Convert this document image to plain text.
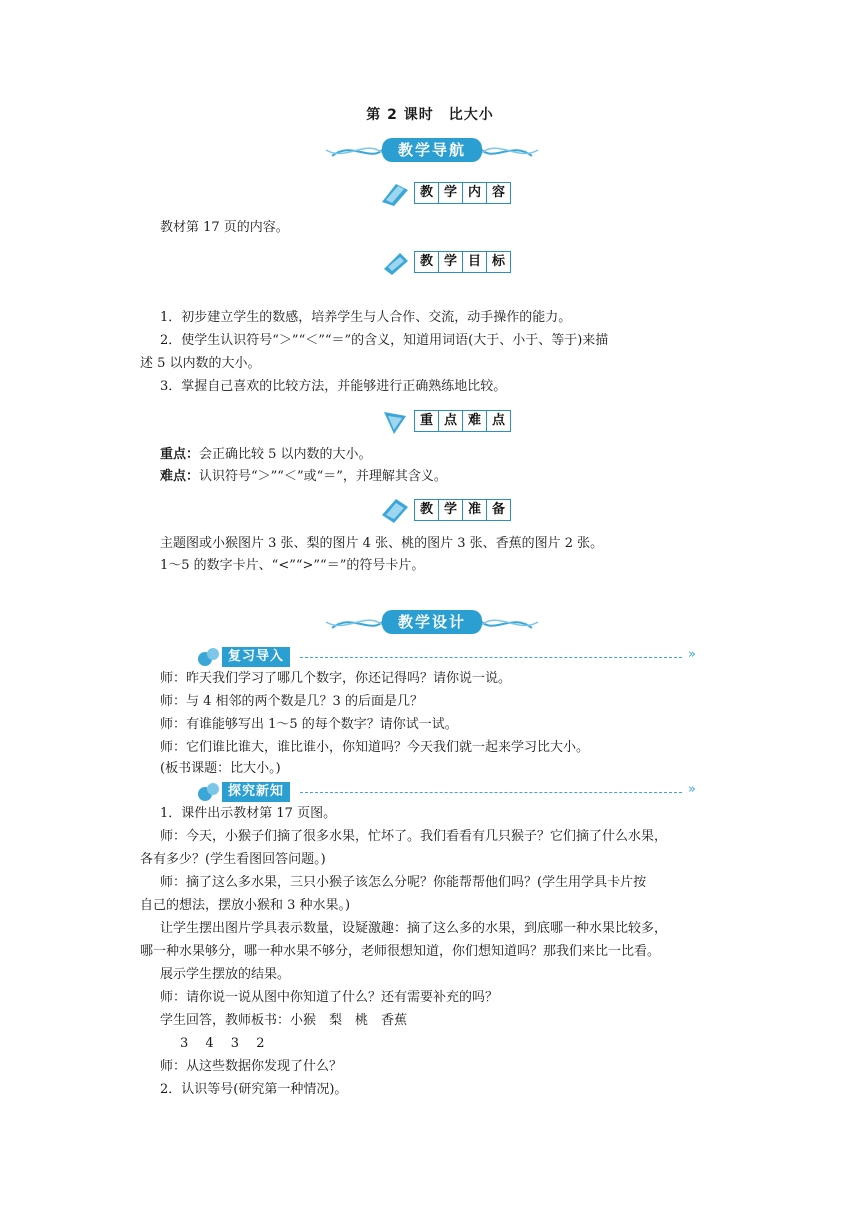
第 2 课时　比大小
教学导航
教 学 内 容

教材第 17 页的内容。

教 学 目 标

1．初步建立学生的数感，培养学生与人合作、交流，动手操作的能力。

2．使学生认识符号“＞”“＜”“＝”的含义，知道用词语(大于、小于、等于)来描

述 5 以内数的大小。

3．掌握自己喜欢的比较方法，并能够进行正确熟练地比较。

重 点 难 点

重点：会正确比较 5 以内数的大小。

难点：认识符号“＞”“＜”或“＝”，并理解其含义。

教 学 准 备

主题图或小猴图片 3 张、梨的图片 4 张、桃的图片 3 张、香蕉的图片 2 张。

1～5 的数字卡片、“<”“>”“＝”的符号卡片。

教学设计
复习导入	»

师：昨天我们学习了哪几个数字，你还记得吗？请你说一说。

师：与 4 相邻的两个数是几？3 的后面是几？

师：有谁能够写出 1～5 的每个数字？请你试一试。

师：它们谁比谁大，谁比谁小，你知道吗？今天我们就一起来学习比大小。

(板书课题：比大小。)

探究新知	»

1．课件出示教材第 17 页图。

师：今天，小猴子们摘了很多水果，忙坏了。我们看看有几只猴子？它们摘了什么水果，

各有多少？(学生看图回答问题。)

师：摘了这么多水果，三只小猴子该怎么分呢？你能帮帮他们吗？(学生用学具卡片按

自己的想法，摆放小猴和 3 种水果。)

让学生摆出图片学具表示数量，设疑激趣：摘了这么多的水果，到底哪一种水果比较多，

哪一种水果够分，哪一种水果不够分，老师很想知道，你们想知道吗？那我们来比一比看。

展示学生摆放的结果。

师：请你说一说从图中你知道了什么？还有需要补充的吗？

学生回答，教师板书：小猴　梨　桃　香蕉

3　 4　 3　 2

师：从这些数据你发现了什么？

2．认识等号(研究第一种情况)。
